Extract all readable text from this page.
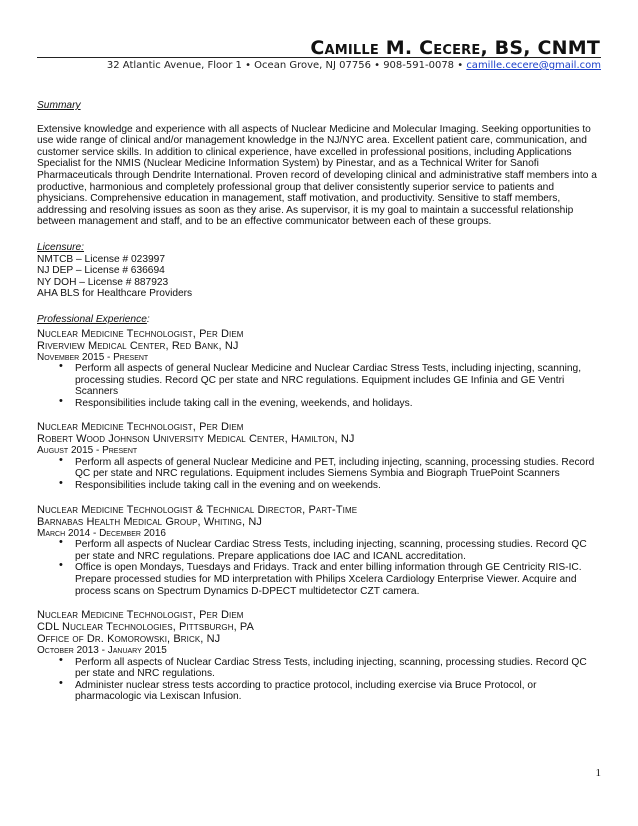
Camille M. Cecere, BS, CNMT
32 Atlantic Avenue, Floor 1 • Ocean Grove, NJ 07756 • 908-591-0078 • camille.cecere@gmail.com
Summary
Extensive knowledge and experience with all aspects of Nuclear Medicine and Molecular Imaging. Seeking opportunities to use wide range of clinical and/or management knowledge in the NJ/NYC area. Excellent patient care, communication, and customer service skills. In addition to clinical experience, have excelled in professional positions, including Applications Specialist for the NMIS (Nuclear Medicine Information System) by Pinestar, and as a Technical Writer for Sanofi Pharmaceuticals through Dendrite International. Proven record of developing clinical and administrative staff members into a productive, harmonious and completely professional group that deliver consistently superior service to patients and physicians. Comprehensive education in management, staff motivation, and productivity. Sensitive to staff members, addressing and resolving issues as soon as they arise. As supervisor, it is my goal to maintain a successful relationship between management and staff, and to be an effective communicator between each of these groups.
Licensure:
NMTCB – License # 023997
NJ DEP – License # 636694
NY DOH – License # 887923
AHA BLS for Healthcare Providers
Professional Experience:
Nuclear Medicine Technologist, Per Diem
Riverview Medical Center, Red Bank, NJ
November 2015 - Present
• Perform all aspects of general Nuclear Medicine and Nuclear Cardiac Stress Tests, including injecting, scanning, processing studies. Record QC per state and NRC regulations. Equipment includes GE Infinia and GE Ventri Scanners
• Responsibilities include taking call in the evening, weekends, and holidays.
Nuclear Medicine Technologist, Per Diem
Robert Wood Johnson University Medical Center, Hamilton, NJ
August 2015 - Present
• Perform all aspects of general Nuclear Medicine and PET, including injecting, scanning, processing studies. Record QC per state and NRC regulations. Equipment includes Siemens Symbia and Biograph TruePoint Scanners
• Responsibilities include taking call in the evening and on weekends.
Nuclear Medicine Technologist & Technical Director, Part-Time
Barnabas Health Medical Group, Whiting, NJ
March 2014 - December 2016
• Perform all aspects of Nuclear Cardiac Stress Tests, including injecting, scanning, processing studies. Record QC per state and NRC regulations. Prepare applications doe IAC and ICANL accreditation.
• Office is open Mondays, Tuesdays and Fridays. Track and enter billing information through GE Centricity RIS-IC. Prepare processed studies for MD interpretation with Philips Xcelera Cardiology Enterprise Viewer. Acquire and process scans on Spectrum Dynamics D-DPECT multidetector CZT camera.
Nuclear Medicine Technologist, Per Diem
CDL Nuclear Technologies, Pittsburgh, PA
Office of Dr. Komorowski, Brick, NJ
October 2013 - January 2015
• Perform all aspects of Nuclear Cardiac Stress Tests, including injecting, scanning, processing studies. Record QC per state and NRC regulations.
• Administer nuclear stress tests according to practice protocol, including exercise via Bruce Protocol, or pharmacologic via Lexiscan Infusion.
1
